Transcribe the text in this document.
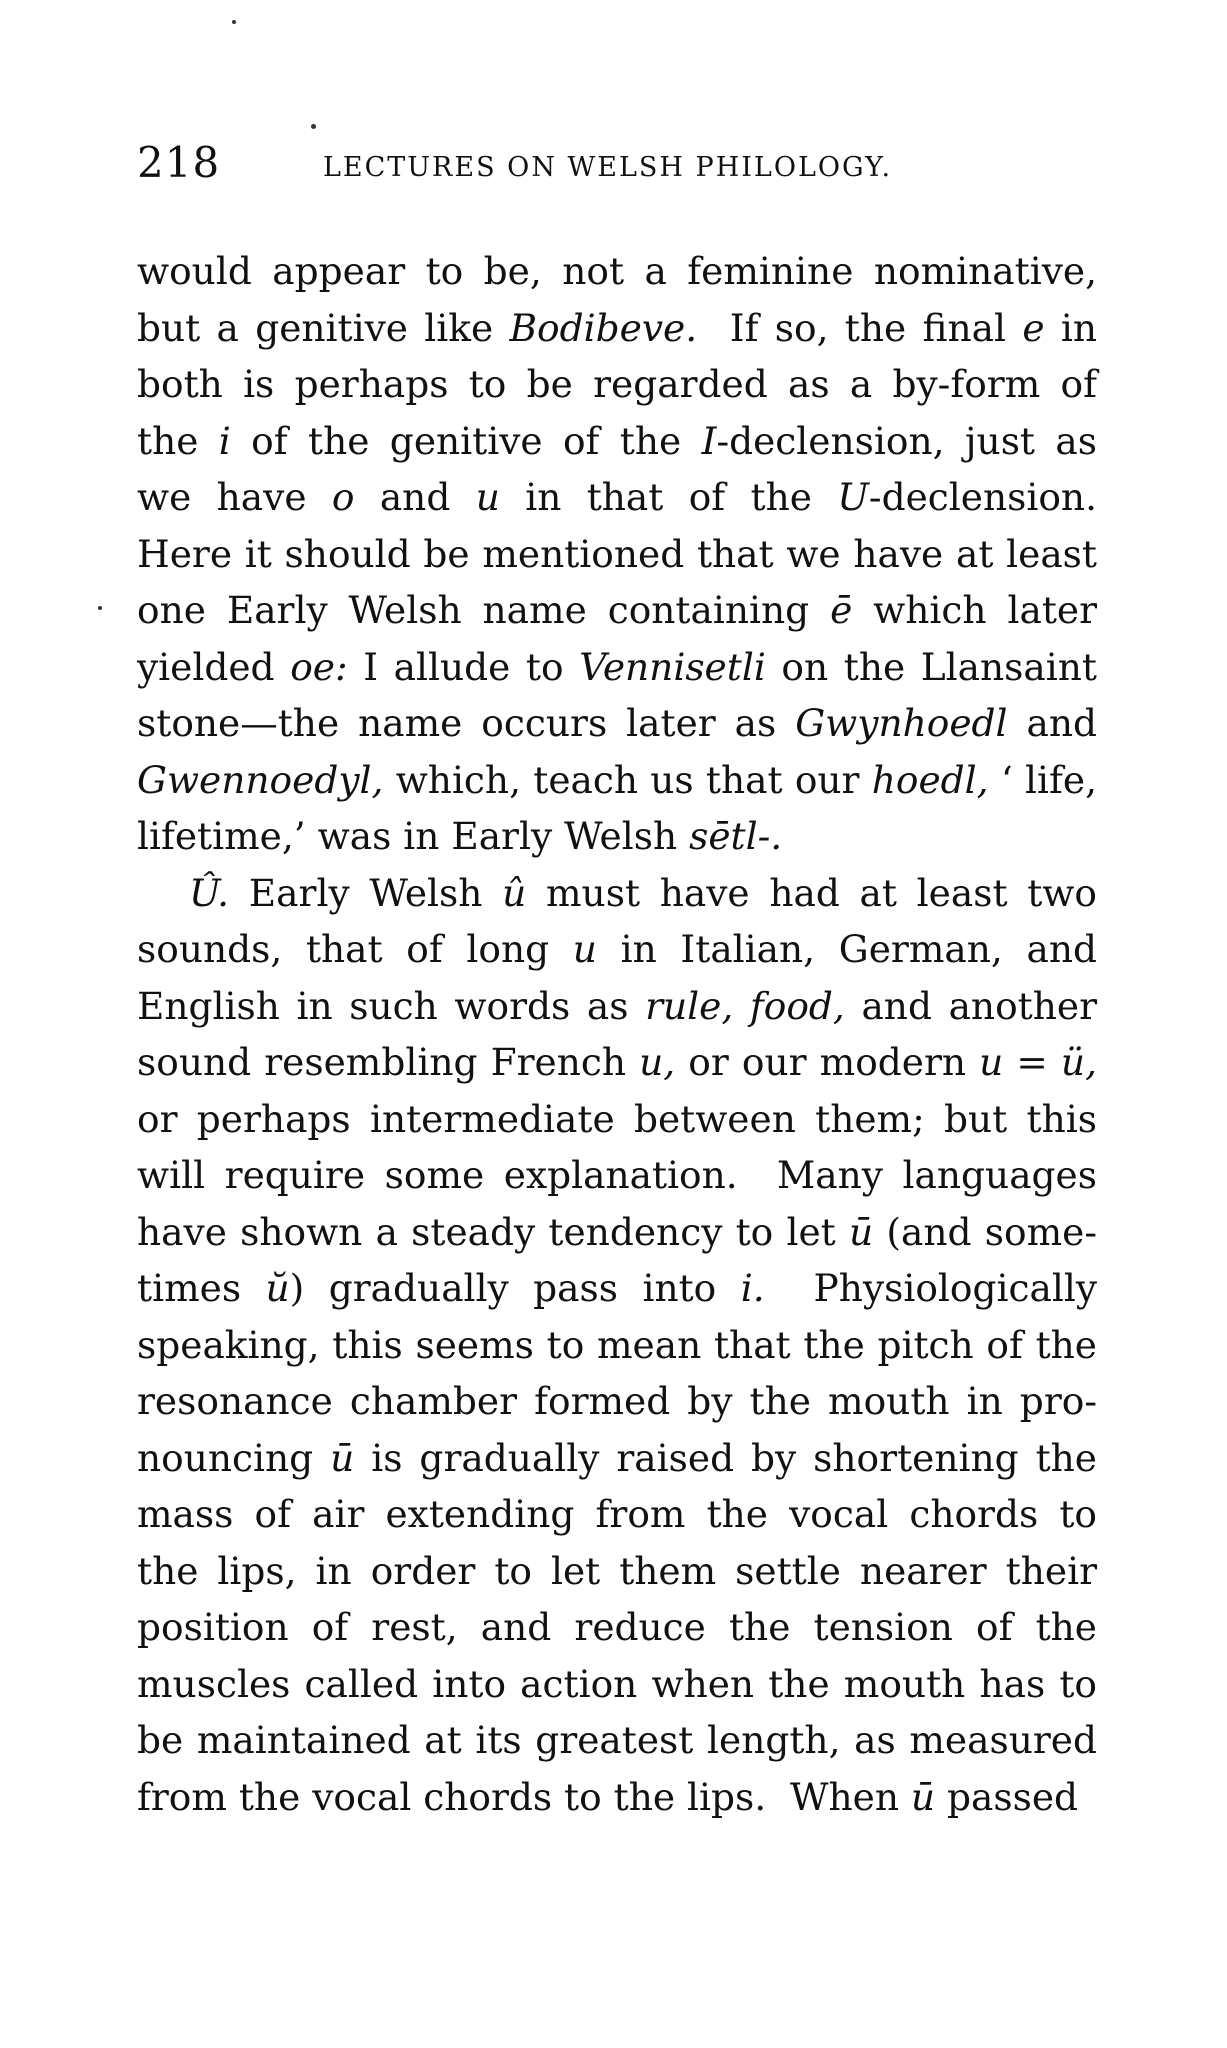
218	LECTURES ON WELSH PHILOLOGY.
would appear to be, not a feminine nominative,
but a genitive like Bodibeve.  If so, the final e in
both is perhaps to be regarded as a by-form of
the i of the genitive of the I-declension, just as
we have o and u in that of the U-declension.
Here it should be mentioned that we have at least
one Early Welsh name containing ē which later
yielded oe: I allude to Vennisetli on the Llansaint
stone—the name occurs later as Gwynhoedl and
Gwennoedyl, which, teach us that our hoedl, ‘ life,
lifetime,’ was in Early Welsh sētl-.
Û. Early Welsh û must have had at least two
sounds, that of long u in Italian, German, and
English in such words as rule, food, and another
sound resembling French u, or our modern u = ü,
or perhaps intermediate between them; but this
will require some explanation.  Many languages
have shown a steady tendency to let ū (and some-
times ŭ) gradually pass into i.  Physiologically
speaking, this seems to mean that the pitch of the
resonance chamber formed by the mouth in pro-
nouncing ū is gradually raised by shortening the
mass of air extending from the vocal chords to
the lips, in order to let them settle nearer their
position of rest, and reduce the tension of the
muscles called into action when the mouth has to
be maintained at its greatest length, as measured
from the vocal chords to the lips.  When ū passed
